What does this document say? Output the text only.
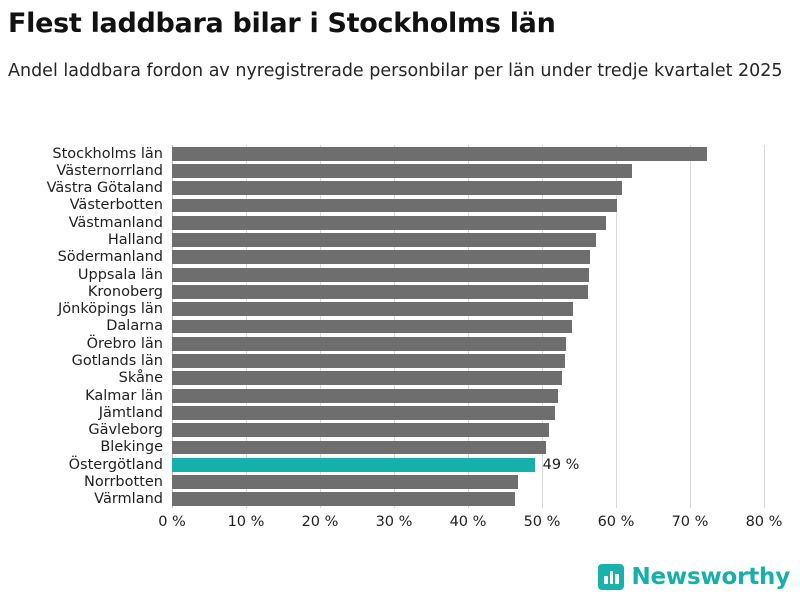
Flest laddbara bilar i Stockholms län
Andel laddbara fordon av nyregistrerade personbilar per län under tredje kvartalet 2025
Stockholms län
Västernorrland
Västra Götaland
Västerbotten
Västmanland
Halland
Södermanland
Uppsala län
Kronoberg
Jönköpings län
Dalarna
Örebro län
Gotlands län
Skåne
Kalmar län
Jämtland
Gävleborg
Blekinge
Östergötland	49 %
Norrbotten
Värmland
0 %	10 %	20 %	30 %	40 %	50 %	60 %	70 %	80 %
Newsworthy
